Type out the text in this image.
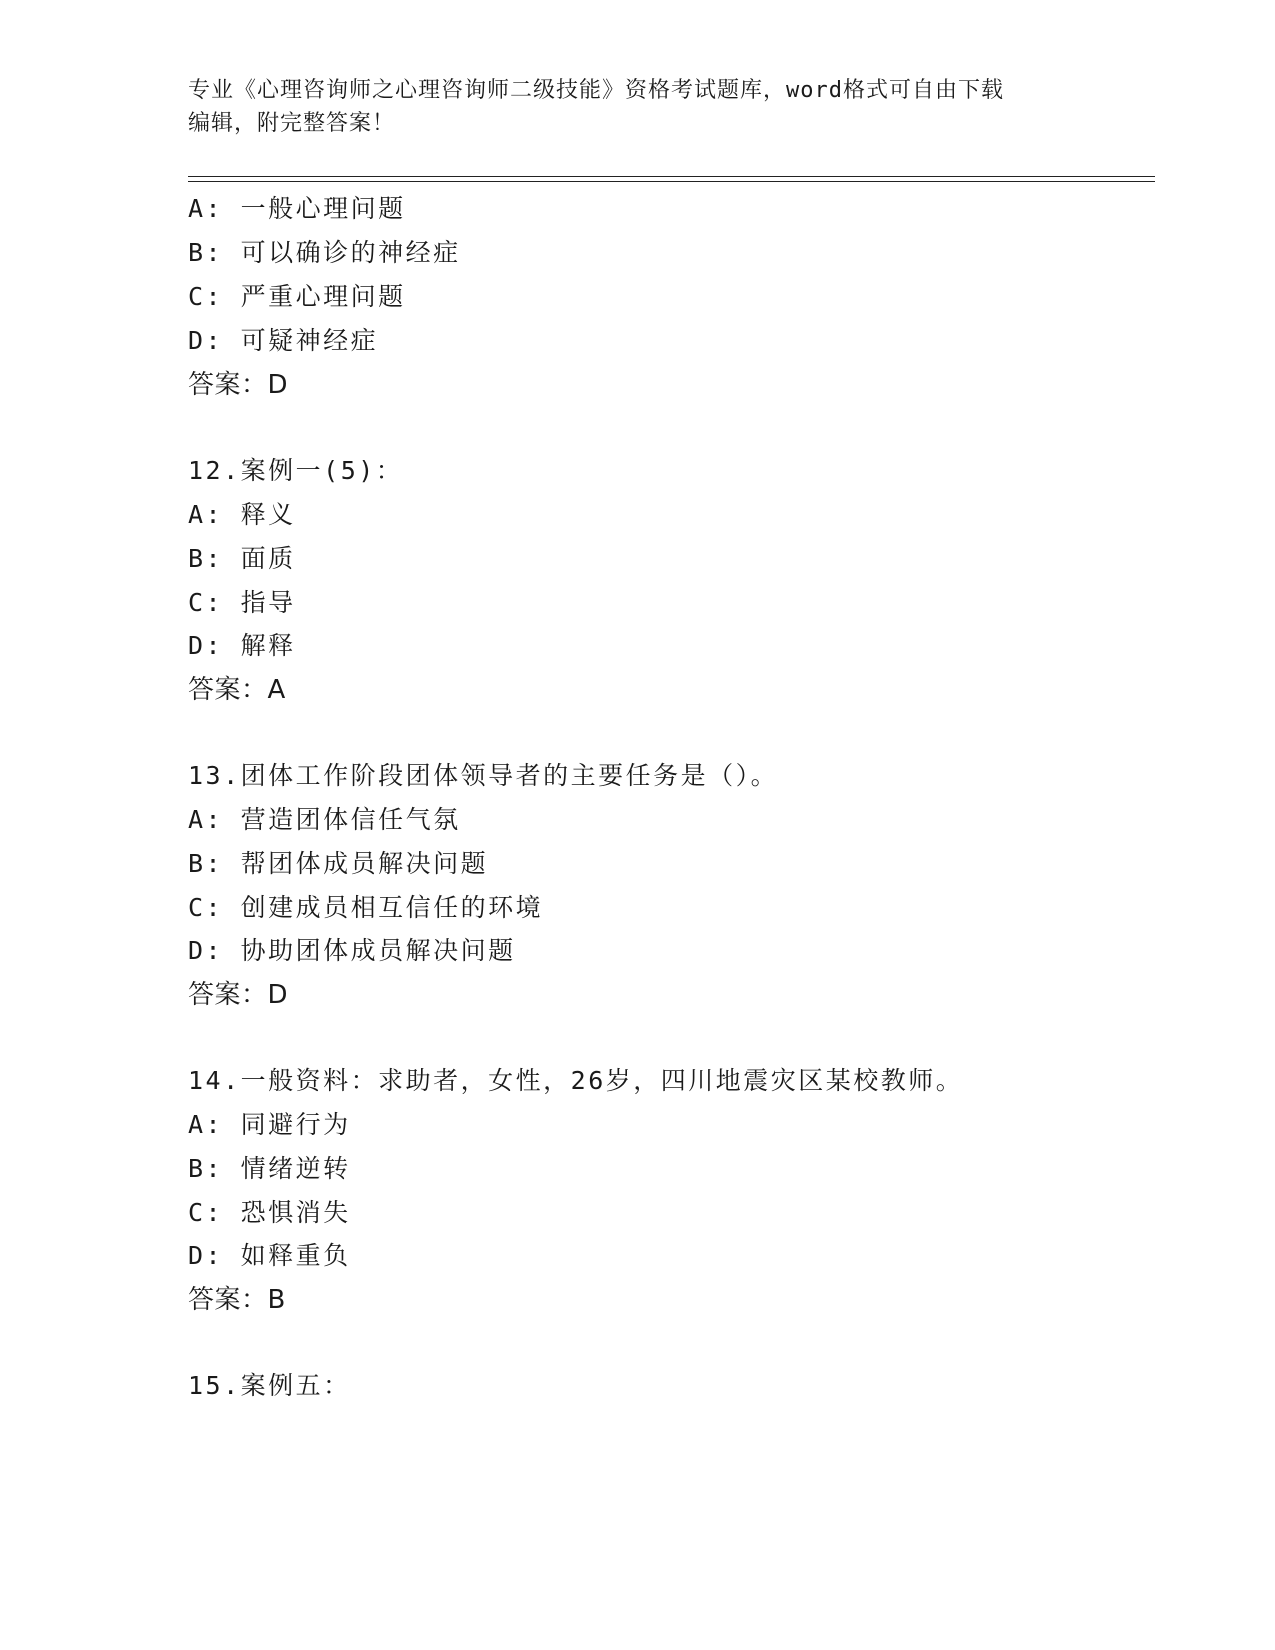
专业《心理咨询师之心理咨询师二级技能》资格考试题库，word格式可自由下载
编辑，附完整答案！
A: 一般心理问题
B: 可以确诊的神经症
C: 严重心理问题
D: 可疑神经症
答案：D
12.案例一(5)：
A: 释义
B: 面质
C: 指导
D: 解释
答案：A
13.团体工作阶段团体领导者的主要任务是（）。
A: 营造团体信任气氛
B: 帮团体成员解决问题
C: 创建成员相互信任的环境
D: 协助团体成员解决问题
答案：D
14.一般资料：求助者，女性，26岁，四川地震灾区某校教师。
A: 同避行为
B: 情绪逆转
C: 恐惧消失
D: 如释重负
答案：B
15.案例五：
